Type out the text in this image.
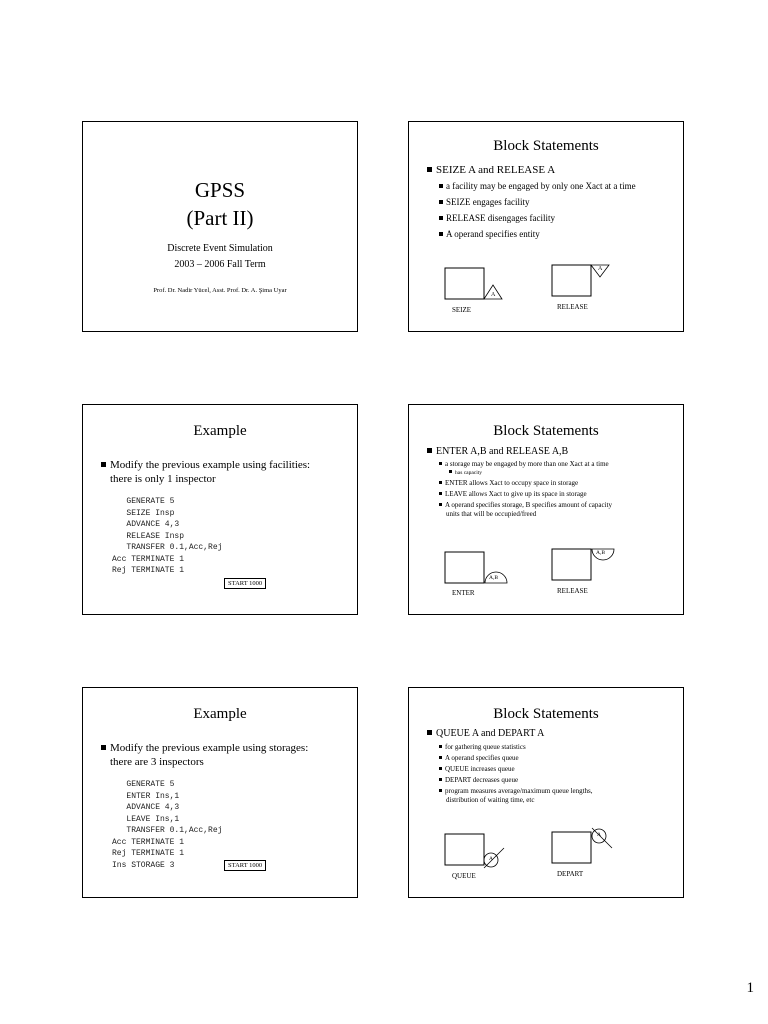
GPSS
(Part II)
Discrete Event Simulation
2003 – 2006 Fall Term
Prof. Dr. Nadir Yücel, Asst. Prof. Dr. A. Şima Uyar
Block Statements
SEIZE A and RELEASE A
a facility may be engaged by only one Xact at a time
SEIZE engages facility
RELEASE disengages facility
A operand specifies entity
A
A
SEIZE	RELEASE
Example
Modify the previous example using facilities:
there is only 1 inspector
GENERATE 5
SEIZE Insp
ADVANCE 4,3
RELEASE Insp
TRANSFER 0.1,Acc,Rej
Acc TERMINATE 1
Rej TERMINATE 1
START 1000
Block Statements
ENTER A,B and RELEASE A,B
a storage may be engaged by more than one Xact at a time
has capacity
ENTER allows Xact to occupy space in storage
LEAVE allows Xact to give up its space in storage
A operand specifies storage, B specifies amount of capacity
units that will be occupied/freed
A,B
A,B
ENTER	RELEASE
Example
Modify the previous example using storages:
there are 3 inspectors
GENERATE 5
ENTER Ins,1
ADVANCE 4,3
LEAVE Ins,1
TRANSFER 0.1,Acc,Rej
Acc TERMINATE 1
Rej TERMINATE 1
Ins STORAGE 3	START 1000
Block Statements
QUEUE A and DEPART A
for gathering queue statistics
A operand specifies queue
QUEUE increases queue
DEPART decreases queue
program measures average/maximum queue lengths,
distribution of waiting time, etc
A
A
QUEUE	DEPART
1
